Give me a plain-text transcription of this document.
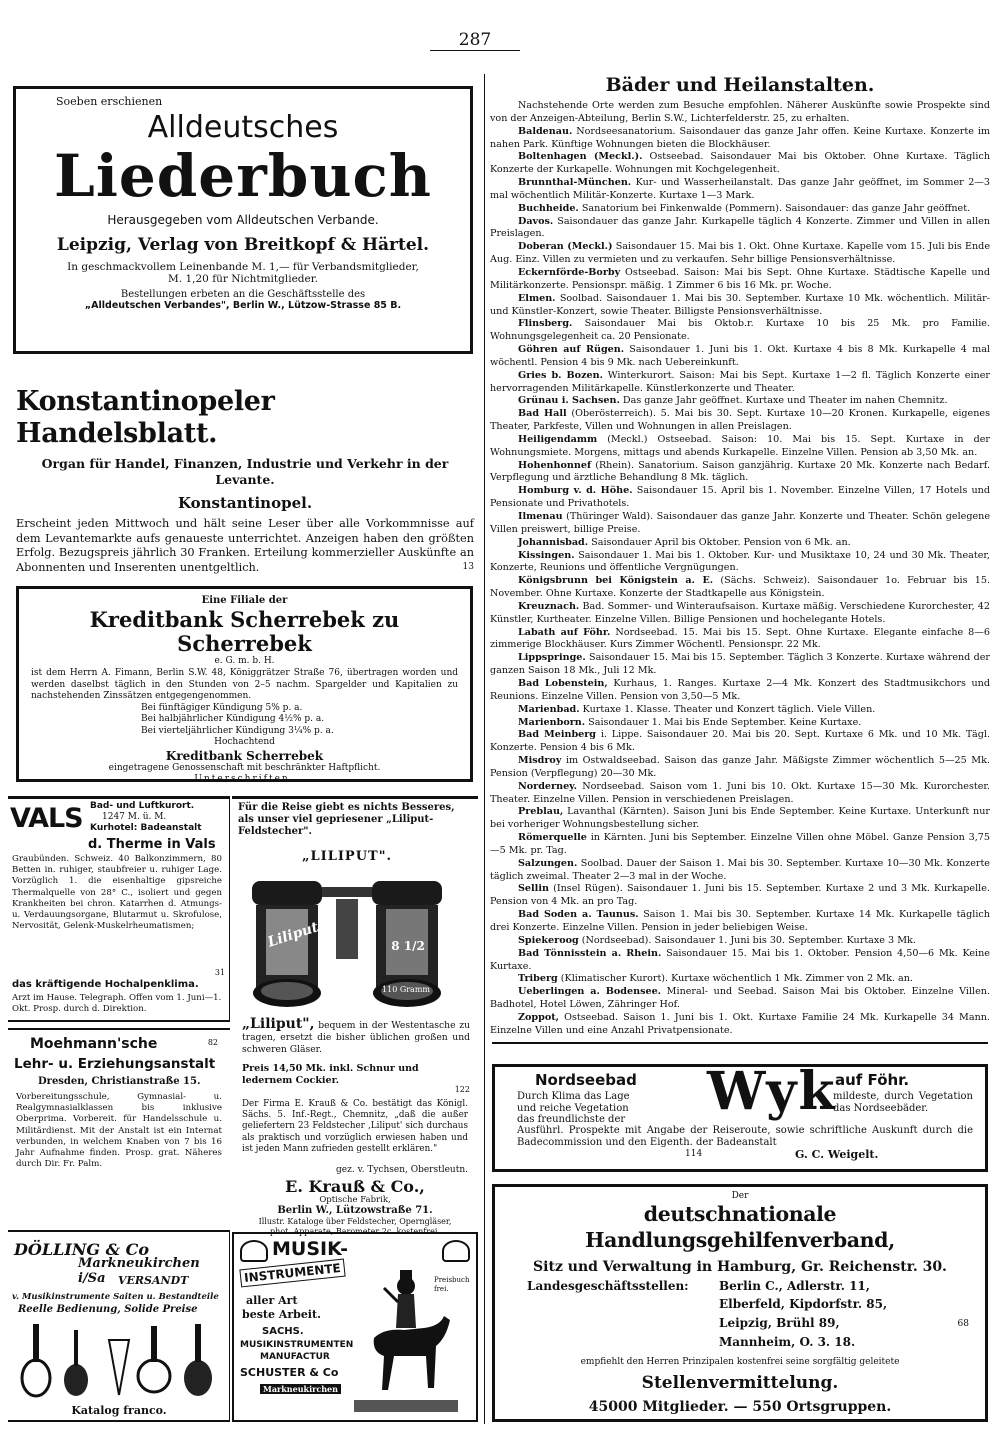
287
Soeben erschienen
Alldeutsches
Liederbuch
Herausgegeben vom Alldeutschen Verbande.
Leipzig, Verlag von Breitkopf & Härtel.
In geschmackvollem Leinenbande M. 1,— für Verbandsmitglieder,
M. 1,20 für Nichtmitglieder.
Bestellungen erbeten an die Geschäftsstelle des
„Alldeutschen Verbandes", Berlin W., Lützow-Strasse 85 B.
Konstantinopeler Handelsblatt.
Organ für Handel, Finanzen, Industrie und Verkehr in der Levante.
Konstantinopel.
Erscheint jeden Mittwoch und hält seine Leser über alle Vorkommnisse auf dem Levantemarkte aufs genaueste unterrichtet. Anzeigen haben den größten Erfolg. Bezugspreis jährlich 30 Franken. Erteilung kommerzieller Auskünfte an Abonnenten und Inserenten unentgeltlich.	13
Eine Filiale der
Kreditbank Scherrebek zu Scherrebek
e. G. m. b. H.
ist dem Herrn A. Fimann, Berlin S.W. 48, Königgrätzer Straße 76, übertragen worden und werden daselbst täglich in den Stunden von 2–5 nachm. Spargelder und Kapitalien zu nachstehenden Zinssätzen entgegengenommen.
Bei fünftägiger Kündigung 5% p. a.
Bei halbjährlicher Kündigung 4½% p. a.
Bei vierteljährlicher Kündigung 3¼% p. a.
Hochachtend
Kreditbank Scherrebek
eingetragene Genossenschaft mit beschränkter Haftpflicht.
Unterschriften.
VALS Bad- und Luftkurort.
1247 M. ü. M.
Kurhotel: Badeanstalt
d. Therme in Vals
Graubünden. Schweiz. 40 Balkonzimmern, 80 Betten in. ruhiger, staubfreier u. ruhiger Lage. Vorzüglich 1. die eisenhaltige gipsreiche Thermalquelle von 28° C., isoliert und gegen Krankheiten bei chron. Katarrhen d. Atmungs- u. Verdauungsorgane, Blutarmut u. Skrofulose, Nervosität, Gelenk-Muskelrheumatismen;
31
das kräftigende Hochalpenklima.
Arzt im Hause. Telegraph. Offen vom 1. Juni—1. Okt. Prosp. durch d. Direktion.
Für die Reise giebt es nichts Besseres, als unser viel gepriesener „Liliput-Feldstecher".
„LILIPUT".
Liliput	8 1/2
110 Gramm
„Liliput", bequem in der Westentasche zu tragen, ersetzt die bisher üblichen großen und schweren Gläser.
Preis 14,50 Mk. inkl. Schnur und ledernem Cockier.
122
Der Firma E. Krauß & Co. bestätigt das Königl. Sächs. 5. Inf.-Regt., Chemnitz, „daß die außer geliefertern 23 Feldstecher ‚Liliput' sich durchaus als praktisch und vorzüglich erwiesen haben und ist jeden Mann zufrieden gestellt erklären."
gez. v. Tychsen, Oberstleutn.
E. Krauß & Co.,
Optische Fabrik,
Berlin W., Lützowstraße 71.
Illustr. Kataloge über Feldstecher, Operngläser, phot. Apparate, Barometer 2c. kostenfrei.
Moehmann'sche	82
Lehr- u. Erziehungsanstalt
Dresden, Christianstraße 15.
Vorbereitungsschule, Gymnasial- u. Realgymnasialklassen bis inklusive Oberprima. Vorbereit. für Handelsschule u. Militärdienst. Mit der Anstalt ist ein Internat verbunden, in welchem Knaben von 7 bis 16 Jahr Aufnahme finden. Prosp. grat. Näheres durch Dir. Fr. Palm.
DÖLLING & Co
Markneukirchen i/Sa	VERSANDT
v. Musikinstrumente Saiten u. Bestandteile
Reelle Bedienung, Solide Preise
Katalog franco.
MUSIK-
INSTRUMENTE
aller Art
beste Arbeit.
SACHS.
MUSIKINSTRUMENTEN
MANUFACTUR
SCHUSTER & Co
Markneukirchen
Preisbuch frei.
Bäder und Heilanstalten.
Nachstehende Orte werden zum Besuche empfohlen. Näherer Auskünfte sowie Prospekte sind von der Anzeigen-Abteilung, Berlin S.W., Lichterfelderstr. 25, zu erhalten.

Baldenau. Nordseesanatorium. Saisondauer das ganze Jahr offen. Keine Kurtaxe. Konzerte im nahen Park. Künftige Wohnungen bieten die Blockhäuser.

Boltenhagen (Meckl.). Ostseebad. Saisondauer Mai bis Oktober. Ohne Kurtaxe. Täglich Konzerte der Kurkapelle. Wohnungen mit Kochgelegenheit.

Brunnthal-München. Kur- und Wasserheilanstalt. Das ganze Jahr geöffnet, im Sommer 2—3 mal wöchentlich Militär-Konzerte. Kurtaxe 1—3 Mark.

Buchheide. Sanatorium bei Finkenwalde (Pommern). Saisondauer: das ganze Jahr geöffnet.

Davos. Saisondauer das ganze Jahr. Kurkapelle täglich 4 Konzerte. Zimmer und Villen in allen Preislagen.

Doberan (Meckl.) Saisondauer 15. Mai bis 1. Okt. Ohne Kurtaxe. Kapelle vom 15. Juli bis Ende Aug. Einz. Villen zu vermieten und zu verkaufen. Sehr billige Pensionsverhältnisse.

Eckernförde-Borby Ostseebad. Saison: Mai bis Sept. Ohne Kurtaxe. Städtische Kapelle und Militärkonzerte. Pensionspr. mäßig. 1 Zimmer 6 bis 16 Mk. pr. Woche.

Elmen. Soolbad. Saisondauer 1. Mai bis 30. September. Kurtaxe 10 Mk. wöchentlich. Militär- und Künstler-Konzert, sowie Theater. Billigste Pensionsverhältnisse.

Flinsberg. Saisondauer Mai bis Oktob.r. Kurtaxe 10 bis 25 Mk. pro Familie. Wohnungsgelegenheit ca. 20 Pensionate.

Göhren auf Rügen. Saisondauer 1. Juni bis 1. Okt. Kurtaxe 4 bis 8 Mk. Kurkapelle 4 mal wöchentl. Pension 4 bis 9 Mk. nach Uebereinkunft.

Gries b. Bozen. Winterkurort. Saison: Mai bis Sept. Kurtaxe 1—2 fl. Täglich Konzerte einer hervorragenden Militärkapelle. Künstlerkonzerte und Theater.

Grünau i. Sachsen. Das ganze Jahr geöffnet. Kurtaxe und Theater im nahen Chemnitz.

Bad Hall (Oberösterreich). 5. Mai bis 30. Sept. Kurtaxe 10—20 Kronen. Kurkapelle, eigenes Theater, Parkfeste, Villen und Wohnungen in allen Preislagen.

Heiligendamm (Meckl.) Ostseebad. Saison: 10. Mai bis 15. Sept. Kurtaxe in der Wohnungsmiete. Morgens, mittags und abends Kurkapelle. Einzelne Villen. Pension ab 3,50 Mk. an.

Hohenhonnef (Rhein). Sanatorium. Saison ganzjährig. Kurtaxe 20 Mk. Konzerte nach Bedarf. Verpflegung und ärztliche Behandlung 8 Mk. täglich.

Homburg v. d. Höhe. Saisondauer 15. April bis 1. November. Einzelne Villen, 17 Hotels und Pensionate und Privathotels.

Ilmenau (Thüringer Wald). Saisondauer das ganze Jahr. Konzerte und Theater. Schön gelegene Villen preiswert, billige Preise.

Johannisbad. Saisondauer April bis Oktober. Pension von 6 Mk. an.

Kissingen. Saisondauer 1. Mai bis 1. Oktober. Kur- und Musiktaxe 10, 24 und 30 Mk. Theater, Konzerte, Reunions und öffentliche Vergnügungen.

Königsbrunn bei Königstein a. E. (Sächs. Schweiz). Saisondauer 1o. Februar bis 15. November. Ohne Kurtaxe. Konzerte der Stadtkapelle aus Königstein.

Kreuznach. Bad. Sommer- und Winteraufsaison. Kurtaxe mäßig. Verschiedene Kurorchester, 42 Künstler, Kurtheater. Einzelne Villen. Billige Pensionen und hochelegante Hotels.

Labath auf Föhr. Nordseebad. 15. Mai bis 15. Sept. Ohne Kurtaxe. Elegante einfache 8—6 zimmerige Blockhäuser. Kurs Zimmer Wöchentl. Pensionspr. 22 Mk.

Lippspringe. Saisondauer 15. Mai bis 15. September. Täglich 3 Konzerte. Kurtaxe während der ganzen Saison 18 Mk., Juli 12 Mk.

Bad Lobenstein, Kurhaus, 1. Ranges. Kurtaxe 2—4 Mk. Konzert des Stadtmusikchors und Reunions. Einzelne Villen. Pension von 3,50—5 Mk.

Marienbad. Kurtaxe 1. Klasse. Theater und Konzert täglich. Viele Villen.

Marienborn. Saisondauer 1. Mai bis Ende September. Keine Kurtaxe.

Bad Meinberg i. Lippe. Saisondauer 20. Mai bis 20. Sept. Kurtaxe 6 Mk. und 10 Mk. Tägl. Konzerte. Pension 4 bis 6 Mk.

Misdroy im Ostwaldseebad. Saison das ganze Jahr. Mäßigste Zimmer wöchentlich 5—25 Mk. Pension (Verpflegung) 20—30 Mk.

Norderney. Nordseebad. Saison vom 1. Juni bis 10. Okt. Kurtaxe 15—30 Mk. Kurorchester. Theater. Einzelne Villen. Pension in verschiedenen Preislagen.

Preblau, Lavanthal (Kärnten). Saison Juni bis Ende September. Keine Kurtaxe. Unterkunft nur bei vorheriger Wohnungsbestellung sicher.

Römerquelle in Kärnten. Juni bis September. Einzelne Villen ohne Möbel. Ganze Pension 3,75—5 Mk. pr. Tag.

Salzungen. Soolbad. Dauer der Saison 1. Mai bis 30. September. Kurtaxe 10—30 Mk. Konzerte täglich zweimal. Theater 2—3 mal in der Woche.

Sellin (Insel Rügen). Saisondauer 1. Juni bis 15. September. Kurtaxe 2 und 3 Mk. Kurkapelle. Pension von 4 Mk. an pro Tag.

Bad Soden a. Taunus. Saison 1. Mai bis 30. September. Kurtaxe 14 Mk. Kurkapelle täglich drei Konzerte. Einzelne Villen. Pension in jeder beliebigen Weise.

Spiekeroog (Nordseebad). Saisondauer 1. Juni bis 30. September. Kurtaxe 3 Mk.

Bad Tönnisstein a. Rhein. Saisondauer 15. Mai bis 1. Oktober. Pension 4,50—6 Mk. Keine Kurtaxe.

Triberg (Klimatischer Kurort). Kurtaxe wöchentlich 1 Mk. Zimmer von 2 Mk. an.

Ueberlingen a. Bodensee. Mineral- und Seebad. Saison Mai bis Oktober. Einzelne Villen. Badhotel, Hotel Löwen, Zähringer Hof.

Zoppot, Ostseebad. Saison 1. Juni bis 1. Okt. Kurtaxe Familie 24 Mk. Kurkapelle 34 Mann. Einzelne Villen und eine Anzahl Privatpensionate.

Nordseebad Wyk
auf Föhr.
Durch Klima das Lage und reiche Vegetation das freundlichste der
mildeste, durch Vegetation das Nordseebäder.
Ausführl. Prospekte mit Angabe der Reiseroute, sowie schriftliche Auskunft durch die Badecommission und den Eigenth. der Badeanstalt
114	G. C. Weigelt.
Der
deutschnationale Handlungsgehilfenverband,
Sitz und Verwaltung in Hamburg, Gr. Reichenstr. 30.
Landesgeschäftsstellen:	Berlin C., Adlerstr. 11,
Elberfeld, Kipdorfstr. 85,
Leipzig, Brühl 89,
Mannheim, O. 3. 18.
empfiehlt den Herren Prinzipalen kostenfrei seine sorgfältig geleitete
68
Stellenvermittelung.
45000 Mitglieder. — 550 Ortsgruppen.
